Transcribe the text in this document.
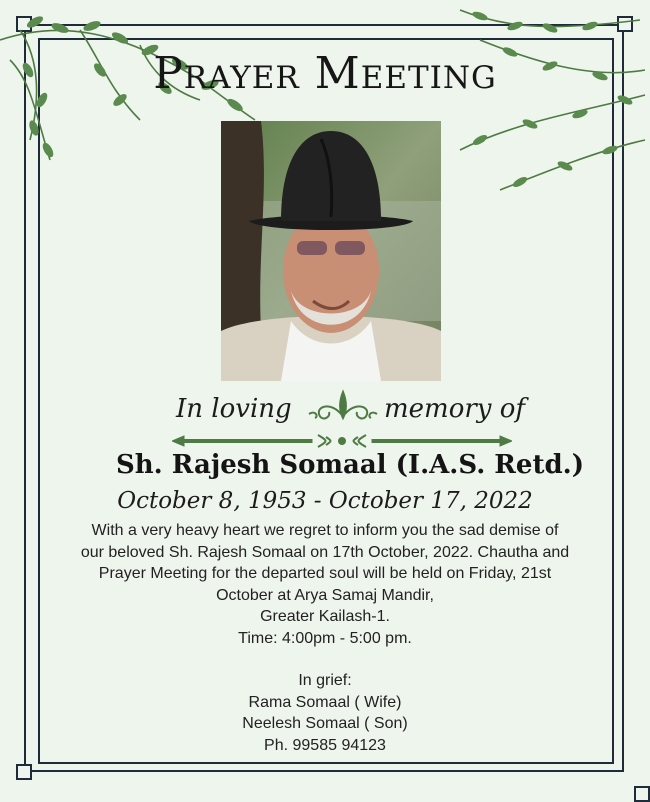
Prayer Meeting
In loving	memory of
Sh. Rajesh Somaal (I.A.S. Retd.)
October 8, 1953 - October 17, 2022

With a very heavy heart we regret to inform you the sad demise of

our beloved Sh. Rajesh Somaal on 17th October, 2022. Chautha and

Prayer Meeting for the departed soul will be held on Friday, 21st

October at Arya Samaj Mandir,

Greater Kailash-1.

Time: 4:00pm - 5:00 pm.

In grief:

Rama Somaal ( Wife)

Neelesh Somaal ( Son)

Ph. 99585 94123
